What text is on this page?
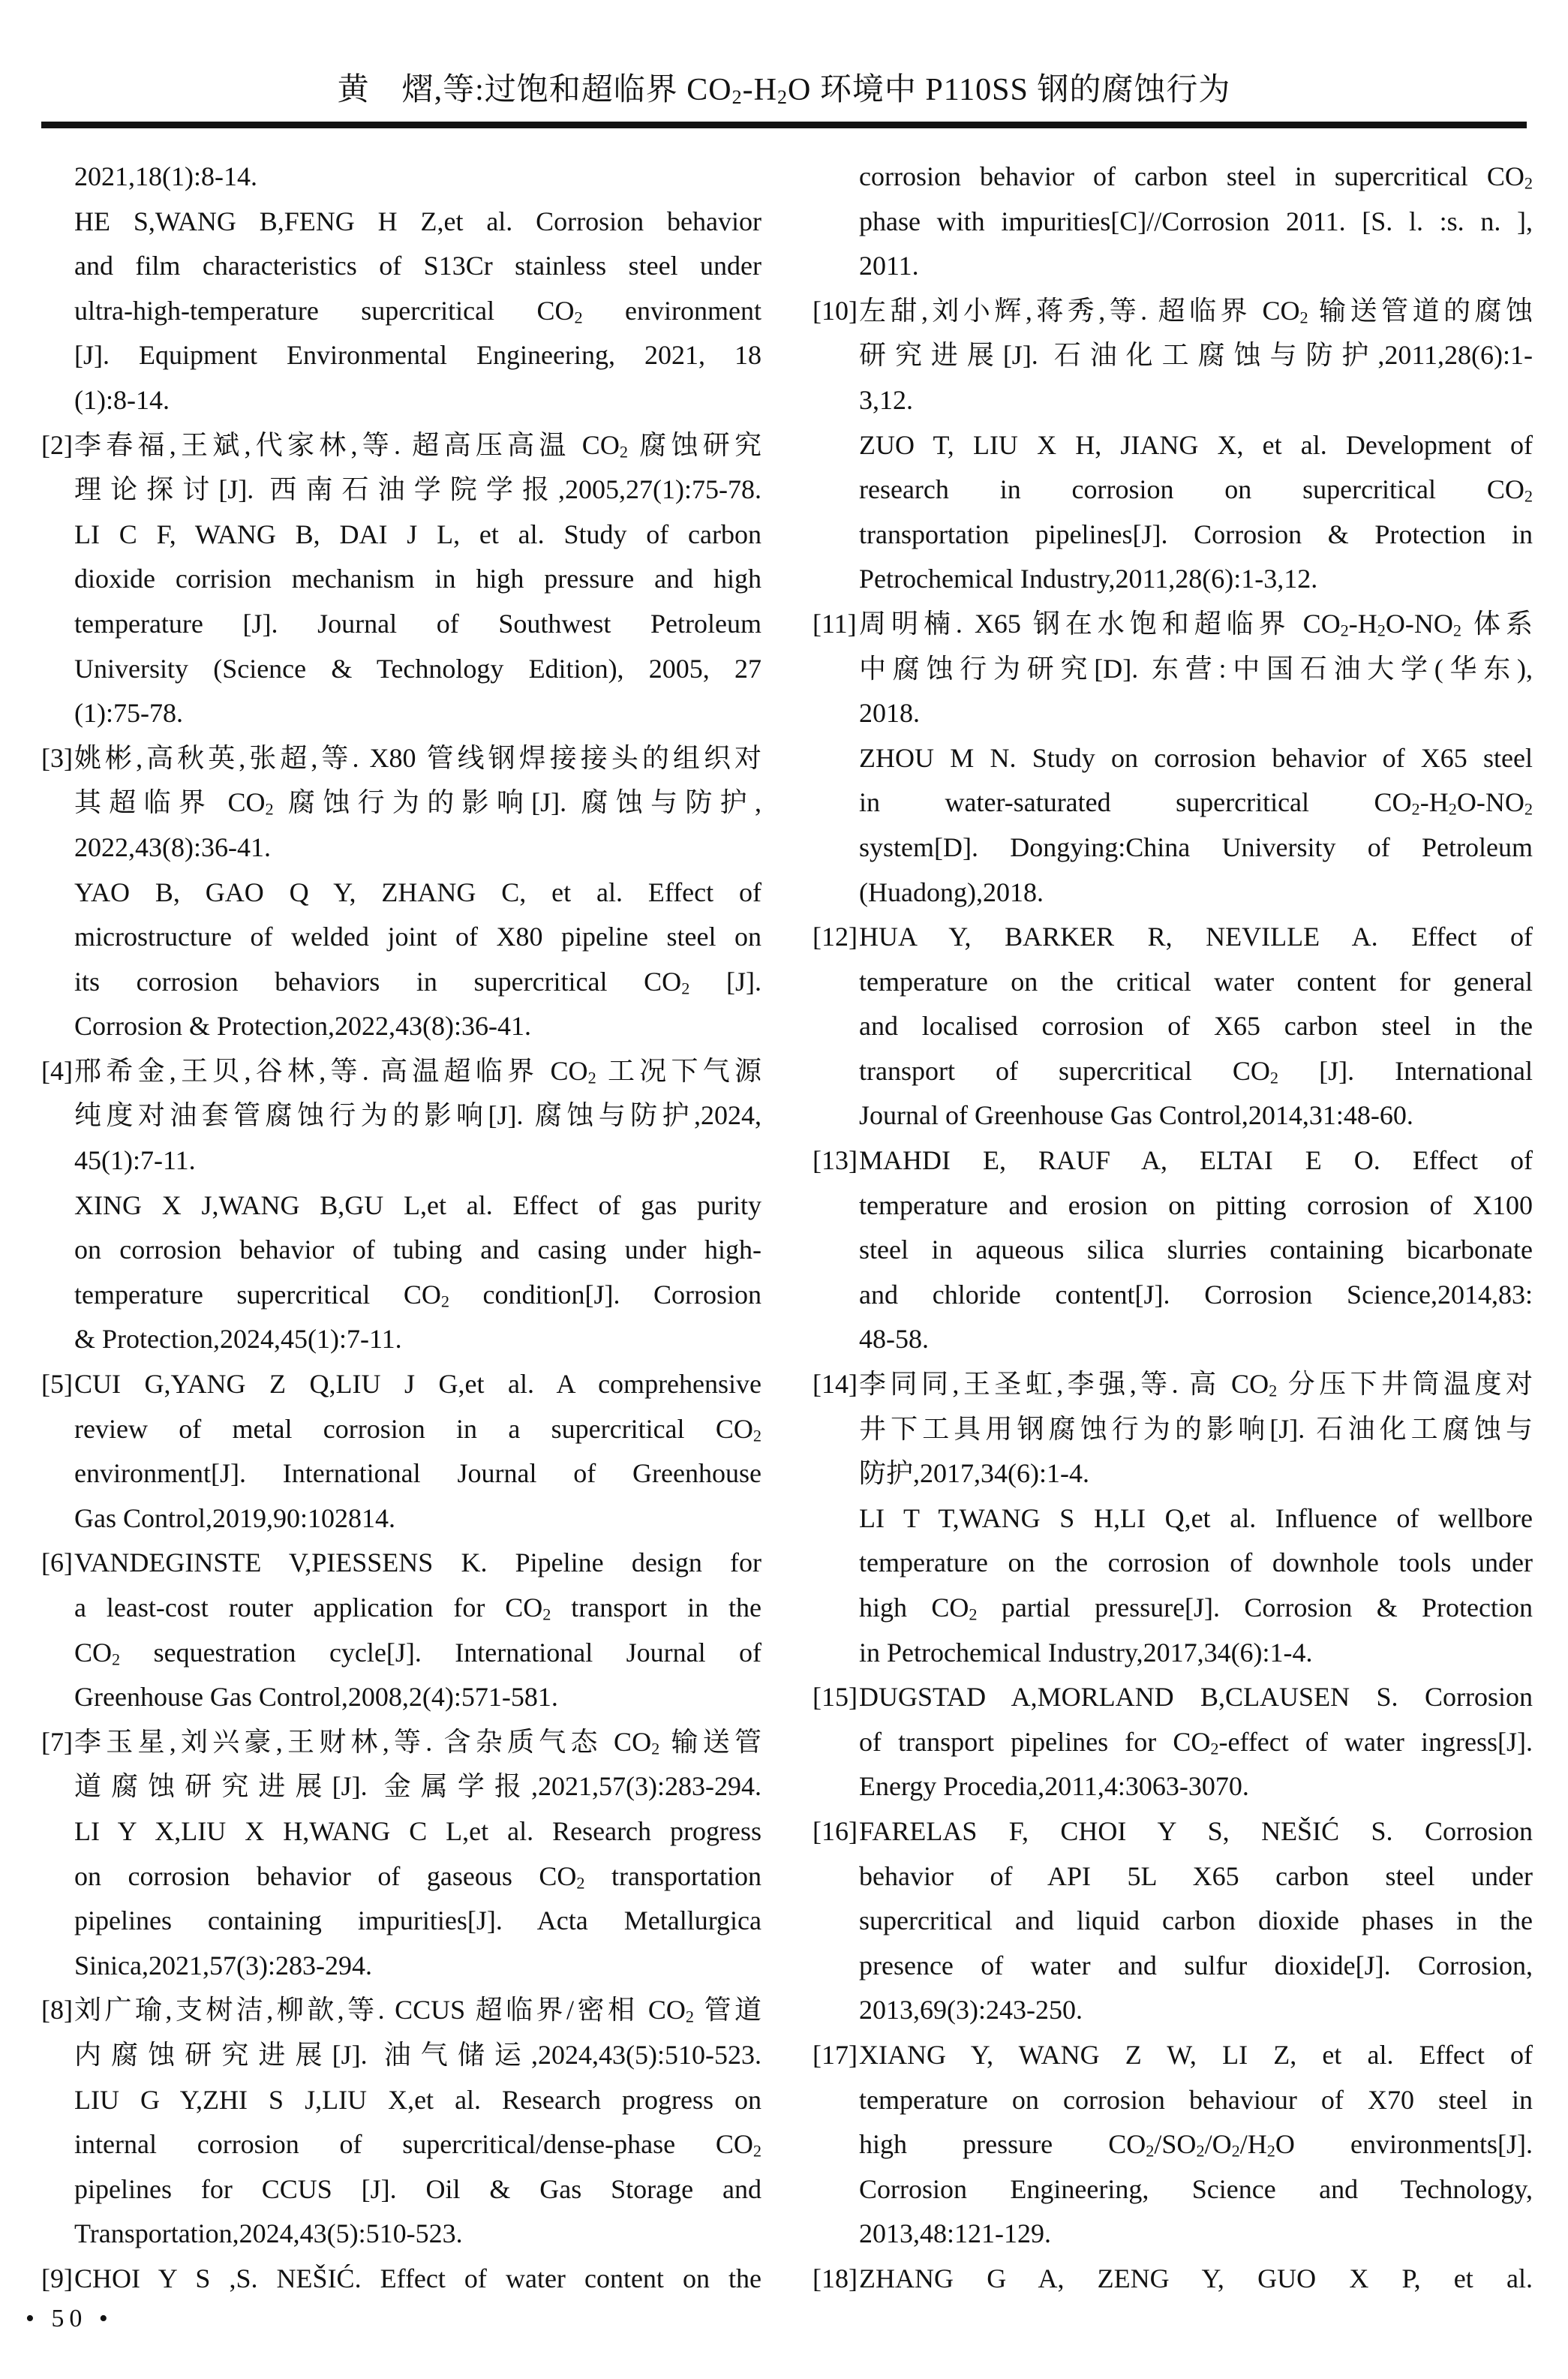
黄　熠,等:过饱和超临界 $CO_2-H_2O$ 环境中 P110SS 钢的腐蚀行为
2021,18(1):8-14.
HE S,WANG B,FENG H Z,et al. Corrosion behavior
and film characteristics of S13Cr stainless steel under
ultra-high-temperature supercritical $CO_2$ environment
[J]. Equipment Environmental Engineering, 2021, 18
(1):8-14.
[2] 李春福,王斌,代家林,等. 超高压高温 $CO_2$ 腐蚀研究
理论探讨[J]. 西南石油学院学报,2005,27(1):75-78.
LI C F, WANG B, DAI J L, et al. Study of carbon
dioxide corrision mechanism in high pressure and high
temperature [J]. Journal of Southwest Petroleum
University (Science & Technology Edition), 2005, 27
(1):75-78.
[3] 姚彬,高秋英,张超,等. X80 管线钢焊接接头的组织对
其超临界 $CO_2$ 腐蚀行为的影响[J]. 腐蚀与防护,
2022,43(8):36-41.
YAO B, GAO Q Y, ZHANG C, et al. Effect of
microstructure of welded joint of X80 pipeline steel on
its corrosion behaviors in supercritical $CO_2$ [J].
Corrosion & Protection,2022,43(8):36-41.
[4] 邢希金,王贝,谷林,等. 高温超临界 $CO_2$ 工况下气源
纯度对油套管腐蚀行为的影响[J]. 腐蚀与防护,2024,
45(1):7-11.
XING X J,WANG B,GU L,et al. Effect of gas purity
on corrosion behavior of tubing and casing under high-
temperature supercritical $CO_2$ condition[J]. Corrosion
& Protection,2024,45(1):7-11.
[5] CUI G,YANG Z Q,LIU J G,et al. A comprehensive
review of metal corrosion in a supercritical $CO_2$
environment[J]. International Journal of Greenhouse
Gas Control,2019,90:102814.
[6] VANDEGINSTE V,PIESSENS K. Pipeline design for
a least-cost router application for $CO_2$ transport in the
$CO_2$ sequestration cycle[J]. International Journal of
Greenhouse Gas Control,2008,2(4):571-581.
[7] 李玉星,刘兴豪,王财林,等. 含杂质气态 $CO_2$ 输送管
道腐蚀研究进展[J]. 金属学报,2021,57(3):283-294.
LI Y X,LIU X H,WANG C L,et al. Research progress
on corrosion behavior of gaseous $CO_2$ transportation
pipelines containing impurities[J]. Acta Metallurgica
Sinica,2021,57(3):283-294.
[8] 刘广瑜,支树洁,柳歆,等. CCUS 超临界/密相 $CO_2$ 管道
内腐蚀研究进展[J]. 油气储运,2024,43(5):510-523.
LIU G Y,ZHI S J,LIU X,et al. Research progress on
internal corrosion of supercritical/dense-phase $CO_2$
pipelines for CCUS [J]. Oil & Gas Storage and
Transportation,2024,43(5):510-523.
[9] CHOI Y S ,S. NEŠIĆ. Effect of water content on the
corrosion behavior of carbon steel in supercritical $CO_2$
phase with impurities[C]//Corrosion 2011. [S. l. :s. n. ],
2011.
[10] 左甜,刘小辉,蒋秀,等. 超临界 $CO_2$ 输送管道的腐蚀
研究进展[J]. 石油化工腐蚀与防护,2011,28(6):1-
3,12.
ZUO T, LIU X H, JIANG X, et al. Development of
research in corrosion on supercritical $CO_2$
transportation pipelines[J]. Corrosion & Protection in
Petrochemical Industry,2011,28(6):1-3,12.
[11] 周明楠. X65 钢在水饱和超临界 $CO_2-H_2O-NO_2$ 体系
中腐蚀行为研究[D]. 东营:中国石油大学(华东),
2018.
ZHOU M N. Study on corrosion behavior of X65 steel
in water-saturated supercritical $CO_2-H_2O-NO_2$
system[D]. Dongying:China University of Petroleum
(Huadong),2018.
[12] HUA Y, BARKER R, NEVILLE A. Effect of
temperature on the critical water content for general
and localised corrosion of X65 carbon steel in the
transport of supercritical $CO_2$ [J]. International
Journal of Greenhouse Gas Control,2014,31:48-60.
[13] MAHDI E, RAUF A, ELTAI E O. Effect of
temperature and erosion on pitting corrosion of X100
steel in aqueous silica slurries containing bicarbonate
and chloride content[J]. Corrosion Science,2014,83:
48-58.
[14] 李同同,王圣虹,李强,等. 高 $CO_2$ 分压下井筒温度对
井下工具用钢腐蚀行为的影响[J]. 石油化工腐蚀与
防护,2017,34(6):1-4.
LI T T,WANG S H,LI Q,et al. Influence of wellbore
temperature on the corrosion of downhole tools under
high $CO_2$ partial pressure[J]. Corrosion & Protection
in Petrochemical Industry,2017,34(6):1-4.
[15] DUGSTAD A,MORLAND B,CLAUSEN S. Corrosion
of transport pipelines for $CO_2$-effect of water ingress[J].
Energy Procedia,2011,4:3063-3070.
[16] FARELAS F, CHOI Y S, NEŠIĆ S. Corrosion
behavior of API 5L X65 carbon steel under
supercritical and liquid carbon dioxide phases in the
presence of water and sulfur dioxide[J]. Corrosion,
2013,69(3):243-250.
[17] XIANG Y, WANG Z W, LI Z, et al. Effect of
temperature on corrosion behaviour of X70 steel in
high pressure $CO_2/SO_2/O_2/H_2O$ environments[J].
Corrosion Engineering, Science and Technology,
2013,48:121-129.
[18] ZHANG G A, ZENG Y, GUO X P, et al.
• 50 •
